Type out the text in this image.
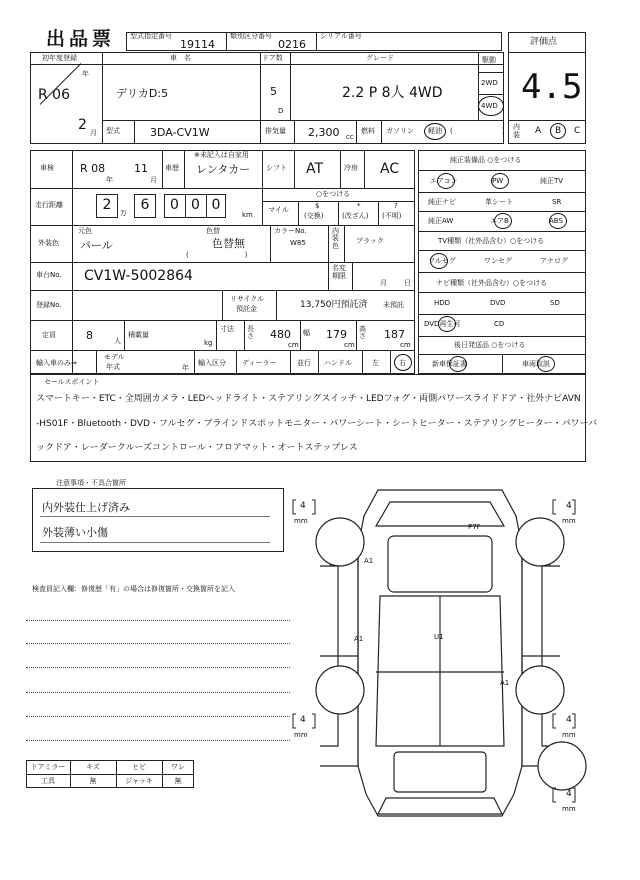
出品票 型式指定番号
19114
類別区分番号
0216
シリアル番号
評価点
4.5
内
装 A B C
初年度登録
年
R 06
2 月
車　名
デリカD:5
ドア数
5
D
グレード
2.2 P 8人 4WD
駆動
2WD
4WD
型式	3DA-CV1W	排気量 2,300 cc
燃料 ガソリン 軽油 (　　　　　　　)
車検 R 08
年
11
月
車歴
※未記入は自家用
レンタカー シフト AT	冷房 AC
走行距離	2	万 6	0 0 0
km
○をつける
マイル	$
(交換)
*
(改ざん)
?
(不明)
外装色
元色
パール
色替
色替無
(　　　　　　　　)
カラーNo.
W85
内装色
ブラック
車台No. CV1W-5002864	名変期限
月 日
登録No.
リサイクル
預託金	13,750円預託済 未預託
定員	8	人
積載量
kg
寸法 長さ 480
cm
幅 179
cm
高さ 187
cm
輸入車のみ⇒
モデル
年式	年
輸入区分 ディーラー	並行 ハンドル	左	右
純正装備品 ○をつける
エアコン	PW	純正TV
純正ナビ	革シート	SR
純正AW	エアB	ABS
TV種類（社外品含む）○をつける
フルセグ	ワンセグ	アナログ
ナビ種類（社外品含む）○をつける
HDD	DVD	SD
DVD再生可	CD
後日発送品 ○をつける
新車保証書	車両取説
セールスポイント
スマートキー・ETC・全周囲カメラ・LEDヘッドライト・ステアリングスイッチ・LEDフォグ・両側パワースライドドア・社外ナビAVN
-HS01F・Bluetooth・DVD・フルセグ・ブラインドスポットモニター・パワーシート・シートヒーター・ステアリングヒーター・パワーバ
ックドア・レーダークルーズコントロール・フロアマット・オートステップレス
注意事項・不具合箇所
内外装仕上げ済み
外装薄い小傷
検査員記入欄：修復歴「有」の場合は修復箇所・交換箇所を記入
ドアミラー	キズ	ヒビ	ワレ
工具	無	ジャッキ	無
4
mm
4
mm
4
mm
4
mm
4
mm
P7F
A1
A1	U1
A1
